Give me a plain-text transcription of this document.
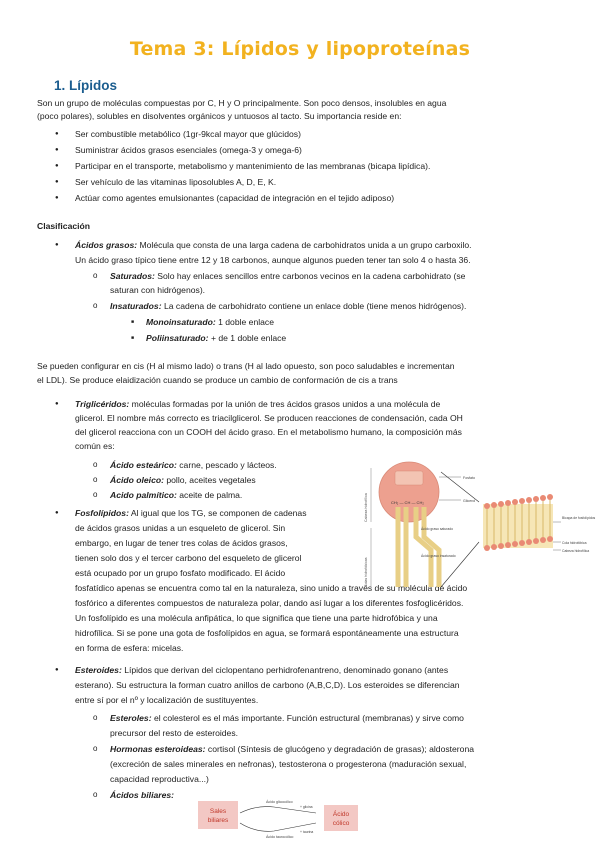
Tema 3: Lípidos y lipoproteínas
1. Lípidos
Son un grupo de moléculas compuestas por C, H y O principalmente. Son poco densos, insolubles en agua
(poco polares), solubles en disolventes orgánicos y untuosos al tacto. Su importancia reside en:
● Ser combustible metabólico (1gr-9kcal mayor que glúcidos)
● Suministrar ácidos grasos esenciales (omega-3 y omega-6)
● Participar en el transporte, metabolismo y mantenimiento de las membranas (bicapa lipídica).
● Ser vehículo de las vitaminas liposolubles A, D, E, K.
● Actúar como agentes emulsionantes (capacidad de integración en el tejido adiposo)
Clasificación
● Ácidos grasos: Molécula que consta de una larga cadena de carbohidratos unida a un grupo carboxilo.
Un ácido graso típico tiene entre 12 y 18 carbonos, aunque algunos pueden tener tan solo 4 o hasta 36.
o Saturados: Solo hay enlaces sencillos entre carbonos vecinos en la cadena carbohidrato (se
saturan con hidrógenos).
o Insaturados: La cadena de carbohidrato contiene un enlace doble (tiene menos hidrógenos).
■ Monoinsaturado: 1 doble enlace
■ Poliinsaturado: + de 1 doble enlace
Se pueden configurar en cis (H al mismo lado) o trans (H al lado opuesto, son poco saludables e incrementan
el LDL). Se produce elaidización cuando se produce un cambio de conformación de cis a trans
● Triglicéridos: moléculas formadas por la unión de tres ácidos grasos unidos a una molécula de
glicerol. El nombre más correcto es triacilglicerol. Se producen reacciones de condensación, cada OH
del glicerol reacciona con un COOH del ácido graso. En el metabolismo humano, la composición más
común es:
o Ácido esteárico: carne, pescado y lácteos.
o Ácido oleico: pollo, aceites vegetales
o Acido palmítico: aceite de palma.
● Fosfolípidos: Al igual que los TG, se componen de cadenas
de ácidos grasos unidas a un esqueleto de glicerol. Sin
embargo, en lugar de tener tres colas de ácidos grasos,
tienen solo dos y el tercer carbono del esqueleto de glicerol
está ocupado por un grupo fosfato modificado. El ácido
fosfatídico apenas se encuentra como tal en la naturaleza, sino unido a través de su molécula de ácido
fosfórico a diferentes compuestos de naturaleza polar, dando así lugar a los diferentes fosfoglicéridos.
Un fosfolípido es una molécula anfipática, lo que significa que tiene una parte hidrofóbica y una
hidrofílica. Si se pone una gota de fosfolípidos en agua, se formará espontáneamente una estructura
en forma de esfera: micelas.
Cabeza hidrofílica
Colas hidrofóbicas
CH₂ — CH — CH₂
Fosfato
Glicerol
Ácido graso saturado
Ácido graso insaturado
Bicapa de fosfolípidos
Cola hidrofóbica
Cabeza hidrofílica
● Esteroides: Lípidos que derivan del ciclopentano perhidrofenantreno, denominado gonano (antes
esterano). Su estructura la forman cuatro anillos de carbono (A,B,C,D). Los esteroides se diferencian
entre sí por el nº y localización de sustituyentes.
o Esteroles: el colesterol es el más importante. Función estructural (membranas) y sirve como
precursor del resto de esteroides.
o Hormonas esteroideas: cortisol (Síntesis de glucógeno y degradación de grasas); aldosterona
(excreción de sales minerales en nefronas), testosterona o progesterona (maduración sexual,
capacidad reproductiva...)
o Ácidos biliares:
Sales
biliares
Ácido
cólico
Ácido glicocólico
Ácido taurocólico
+ glicina
+ taurina
